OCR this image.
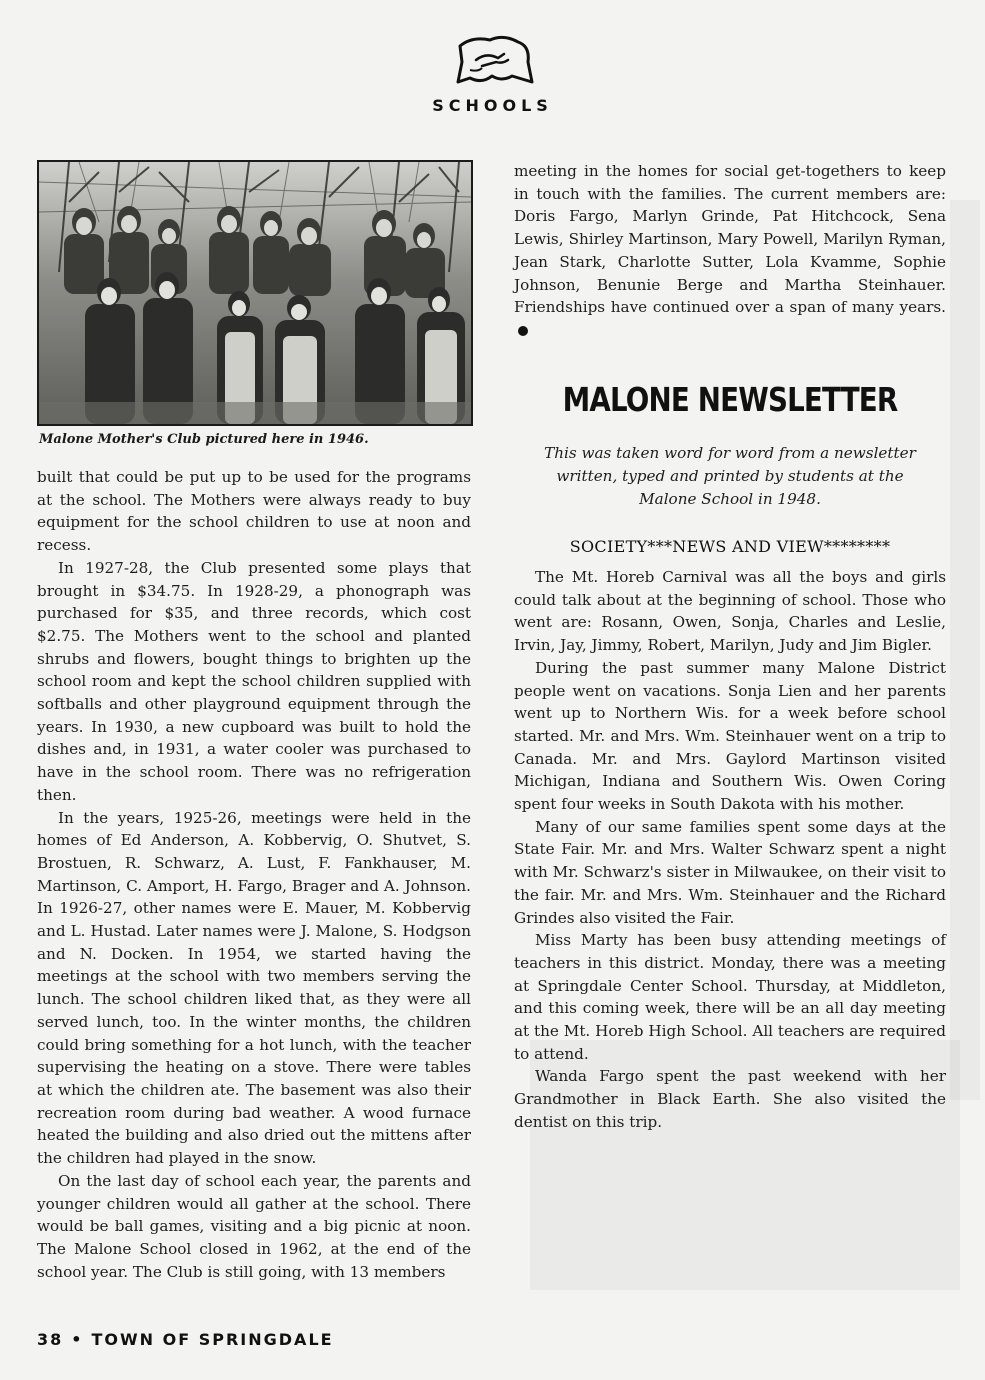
SCHOOLS
Malone Mother's Club pictured here in 1946.

built that could be put up to be used for the programs at the school. The Mothers were always ready to buy equipment for the school children to use at noon and recess.

In 1927-28, the Club presented some plays that brought in $34.75. In 1928-29, a phonograph was purchased for $35, and three records, which cost $2.75. The Mothers went to the school and planted shrubs and flowers, bought things to brighten up the school room and kept the school children supplied with softballs and other playground equipment through the years. In 1930, a new cupboard was built to hold the dishes and, in 1931, a water cooler was purchased to have in the school room. There was no refrigeration then.

In the years, 1925-26, meetings were held in the homes of Ed Anderson, A. Kobbervig, O. Shutvet, S. Brostuen, R. Schwarz, A. Lust, F. Fankhauser, M. Martinson, C. Amport, H. Fargo, Brager and A. Johnson. In 1926-27, other names were E. Mauer, M. Kobbervig and L. Hustad. Later names were J. Malone, S. Hodgson and N. Docken. In 1954, we started having the meetings at the school with two members serving the lunch. The school children liked that, as they were all served lunch, too. In the winter months, the children could bring something for a hot lunch, with the teacher supervising the heating on a stove. There were tables at which the children ate. The basement was also their recreation room during bad weather. A wood furnace heated the building and also dried out the mittens after the children had played in the snow.

On the last day of school each year, the parents and younger children would all gather at the school. There would be ball games, visiting and a big picnic at noon. The Malone School closed in 1962, at the end of the school year. The Club is still going, with 13 members

meeting in the homes for social get-togethers to keep in touch with the families. The current members are: Doris Fargo, Marlyn Grinde, Pat Hitchcock, Sena Lewis, Shirley Martinson, Mary Powell, Marilyn Ryman, Jean Stark, Charlotte Sutter, Lola Kvamme, Sophie Johnson, Benunie Berge and Martha Steinhauer. Friendships have continued over a span of many years.

MALONE NEWSLETTER
This was taken word for word from a newsletter written, typed and printed by students at the Malone School in 1948.
SOCIETY***NEWS AND VIEW********

The Mt. Horeb Carnival was all the boys and girls could talk about at the beginning of school. Those who went are: Rosann, Owen, Sonja, Charles and Leslie, Irvin, Jay, Jimmy, Robert, Marilyn, Judy and Jim Bigler.

During the past summer many Malone District people went on vacations. Sonja Lien and her parents went up to Northern Wis. for a week before school started. Mr. and Mrs. Wm. Steinhauer went on a trip to Canada. Mr. and Mrs. Gaylord Martinson visited Michigan, Indiana and Southern Wis. Owen Coring spent four weeks in South Dakota with his mother.

Many of our same families spent some days at the State Fair. Mr. and Mrs. Walter Schwarz spent a night with Mr. Schwarz's sister in Milwaukee, on their visit to the fair. Mr. and Mrs. Wm. Steinhauer and the Richard Grindes also visited the Fair.

Miss Marty has been busy attending meetings of teachers in this district. Monday, there was a meeting at Springdale Center School. Thursday, at Middleton, and this coming week, there will be an all day meeting at the Mt. Horeb High School. All teachers are required to attend.

Wanda Fargo spent the past weekend with her Grandmother in Black Earth. She also visited the dentist on this trip.

38 • TOWN OF SPRINGDALE
